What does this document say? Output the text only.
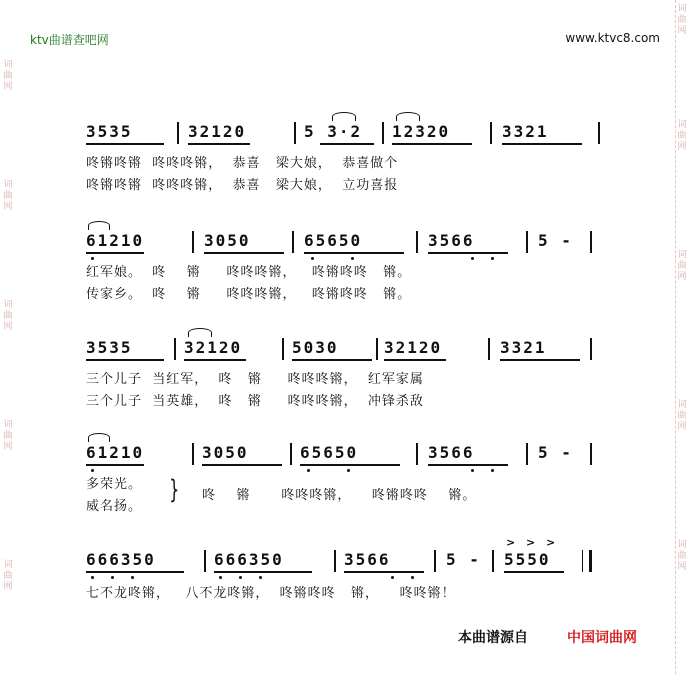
ktv曲谱查吧网	www.ktvc8.com
词
曲
网
词
曲
网
词
曲
网
词
曲
网
词
曲
网
词
曲
网
词
曲
网
词
曲
网
词
曲
网
词
曲
网
3535	32120	5 3·2 12320	3321
咚锵咚锵  咚咚咚锵，  恭喜   梁大娘，  恭喜做个
咚锵咚锵  咚咚咚锵，  恭喜   梁大娘，  立功喜报
61210	3050	65650	3566	5 -
红军娘。  咚    锵     咚咚咚锵，   咚锵咚咚   锵。
传家乡。  咚    锵     咚咚咚锵，   咚锵咚咚   锵。
3535	32120	5030	32120	3321
三个儿子  当红军，  咚   锵     咚咚咚锵，  红军家属
三个儿子  当英雄，  咚   锵     咚咚咚锵，  冲锋杀敌
61210	3050	65650	3566	5 -
多荣光。
威名扬。
} 咚    锵      咚咚咚锵，    咚锵咚咚    锵。
666350	666350	3566	5 - 5550
> > >
七不龙咚锵，   八不龙咚锵，  咚锵咚咚   锵，    咚咚锵！
本曲谱源自	中国词曲网
